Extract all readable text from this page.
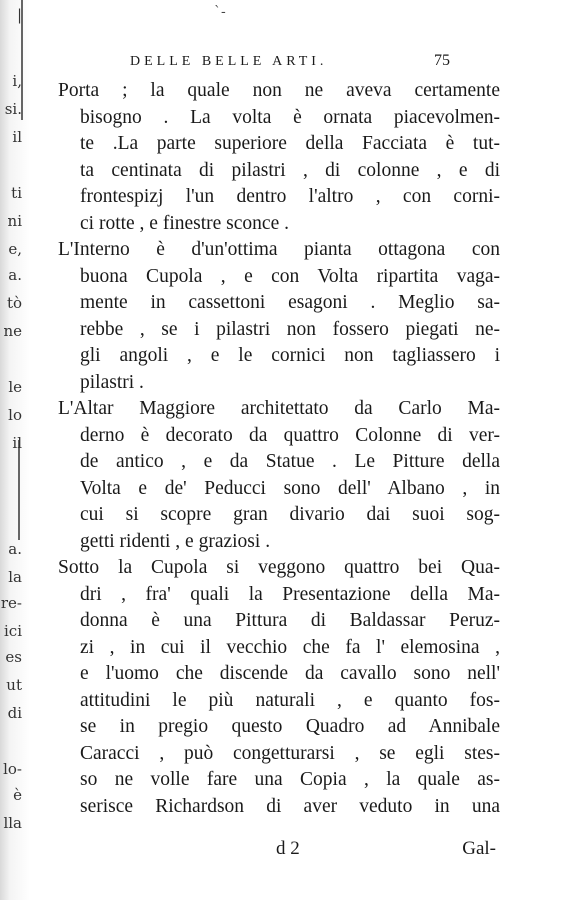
|
i,
si.
il
ti
ni
e,
a.
tò
ne
le
lo
il
a.
la
re-
ici
es
ut
di
lo-
è
lla
`-
DELLE BELLE ARTI.	75
Porta ; la quale non ne aveva certamente
bisogno . La volta è ornata piacevolmen-
te .La parte superiore della Facciata è tut-
ta centinata di pilastri , di colonne , e di
frontespizj l'un dentro l'altro , con corni-
ci rotte , e finestre sconce .
L'Interno è d'un'ottima pianta ottagona con
buona Cupola , e con Volta ripartita vaga-
mente in cassettoni esagoni . Meglio sa-
rebbe , se i pilastri non fossero piegati ne-
gli angoli , e le cornici non tagliassero i
pilastri .
L'Altar Maggiore architettato da Carlo Ma-
derno è decorato da quattro Colonne di ver-
de antico , e da Statue . Le Pitture della
Volta e de' Peducci sono dell' Albano , in
cui si scopre gran divario dai suoi sog-
getti ridenti , e graziosi .
Sotto la Cupola si veggono quattro bei Qua-
dri , fra' quali la Presentazione della Ma-
donna è una Pittura di Baldassar Peruz-
zi , in cui il vecchio che fa l' elemosina ,
e l'uomo che discende da cavallo sono nell'
attitudini le più naturali , e quanto fos-
se in pregio questo Quadro ad Annibale
Caracci , può congetturarsi , se egli stes-
so ne volle fare una Copia , la quale as-
serisce Richardson di aver veduto in una
d 2	Gal-
